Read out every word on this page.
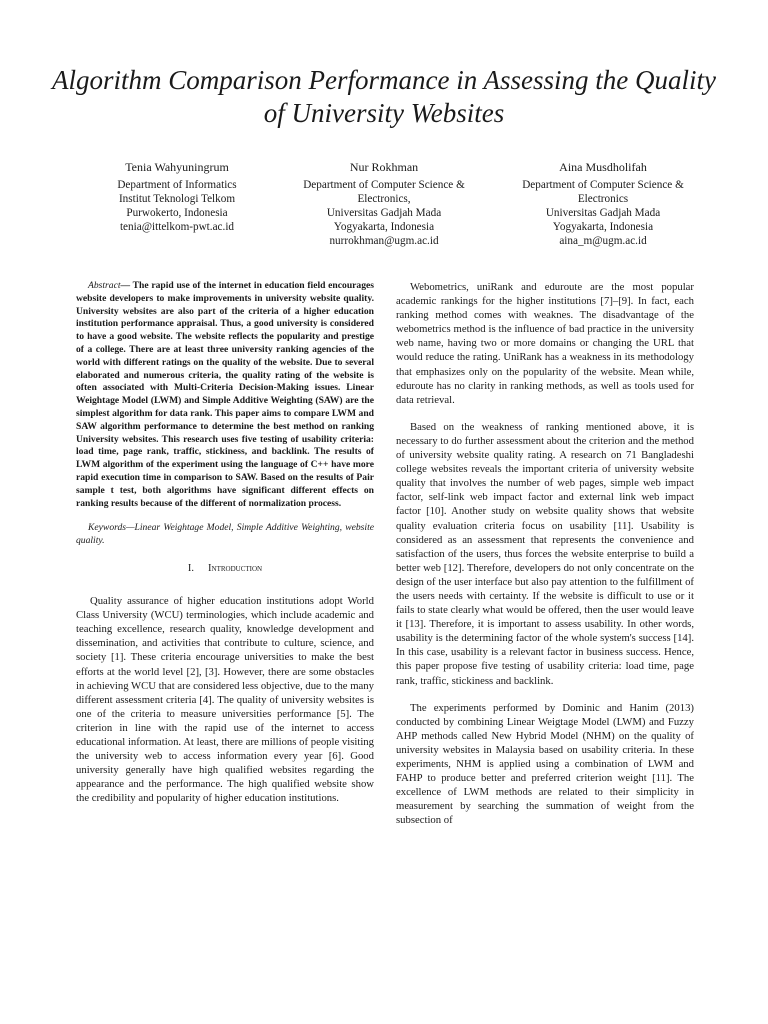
Algorithm Comparison Performance in Assessing the Quality of University Websites
Tenia Wahyuningrum
Department of Informatics
Institut Teknologi Telkom
Purwokerto, Indonesia
tenia@ittelkom-pwt.ac.id
Nur Rokhman
Department of Computer Science &
Electronics,
Universitas Gadjah Mada
Yogyakarta, Indonesia
nurrokhman@ugm.ac.id
Aina Musdholifah
Department of Computer Science &
Electronics
Universitas Gadjah Mada
Yogyakarta, Indonesia
aina_m@ugm.ac.id

Abstract— The rapid use of the internet in education field encourages website developers to make improvements in university website quality. University websites are also part of the criteria of a higher education institution performance appraisal. Thus, a good university is considered to have a good website. The website reflects the popularity and prestige of a college. There are at least three university ranking agencies of the world with different ratings on the quality of the website. Due to several elaborated and numerous criteria, the quality rating of the website is often associated with Multi-Criteria Decision-Making issues. Linear Weightage Model (LWM) and Simple Additive Weighting (SAW) are the simplest algorithm for data rank. This paper aims to compare LWM and SAW algorithm performance to determine the best method on ranking University websites. This research uses five testing of usability criteria: load time, page rank, traffic, stickiness, and backlink. The results of LWM algorithm of the experiment using the language of C++ have more rapid execution time in comparison to SAW. Based on the results of Pair sample t test, both algorithms have significant different effects on ranking results because of the different of normalization process.

Keywords—Linear Weightage Model, Simple Additive Weighting, website quality.

I. Introduction

Quality assurance of higher education institutions adopt World Class University (WCU) terminologies, which include academic and teaching excellence, research quality, knowledge development and dissemination, and activities that contribute to culture, science, and society [1]. These criteria encourage universities to make the best efforts at the world level [2], [3]. However, there are some obstacles in achieving WCU that are considered less objective, due to the many different assessment criteria [4]. The quality of university websites is one of the criteria to measure universities performance [5]. The criterion in line with the rapid use of the internet to access educational information. At least, there are millions of people visiting the university web to access information every year [6]. Good university generally have high qualified websites regarding the appearance and the performance. The high qualified website show the credibility and popularity of higher education institutions.

Webometrics, uniRank and eduroute are the most popular academic rankings for the higher institutions [7]–[9]. In fact, each ranking method comes with weaknes. The disadvantage of the webometrics method is the influence of bad practice in the university web name, having two or more domains or changing the URL that would reduce the rating. UniRank has a weakness in its methodology that emphasizes only on the popularity of the website. Mean while, eduroute has no clarity in ranking methods, as well as tools used for data retrieval.

Based on the weakness of ranking mentioned above, it is necessary to do further assessment about the criterion and the method of university website quality rating. A research on 71 Bangladeshi college websites reveals the important criteria of university website quality that involves the number of web pages, simple web impact factor, self-link web impact factor and external link web impact factor [10]. Another study on website quality shows that website quality evaluation criteria focus on usability [11]. Usability is considered as an assessment that represents the convenience and satisfaction of the users, thus forces the website enterprise to build a better web [12]. Therefore, developers do not only concentrate on the design of the user interface but also pay attention to the fulfillment of the users needs with certainty. If the website is difficult to use or it fails to state clearly what would be offered, then the user would leave it [13]. Therefore, it is important to assess usability. In other words, usability is the determining factor of the whole system's success [14]. In this case, usability is a relevant factor in business success. Hence, this paper propose five testing of usability criteria: load time, page rank, traffic, stickiness and backlink.

The experiments performed by Dominic and Hanim (2013) conducted by combining Linear Weigtage Model (LWM) and Fuzzy AHP methods called New Hybrid Model (NHM) on the quality of university websites in Malaysia based on usability criteria. In these experiments, NHM is applied using a combination of LWM and FAHP to produce better and preferred criterion weight [11]. The excellence of LWM methods are related to their simplicity in measurement by searching the summation of weight from the subsection of
